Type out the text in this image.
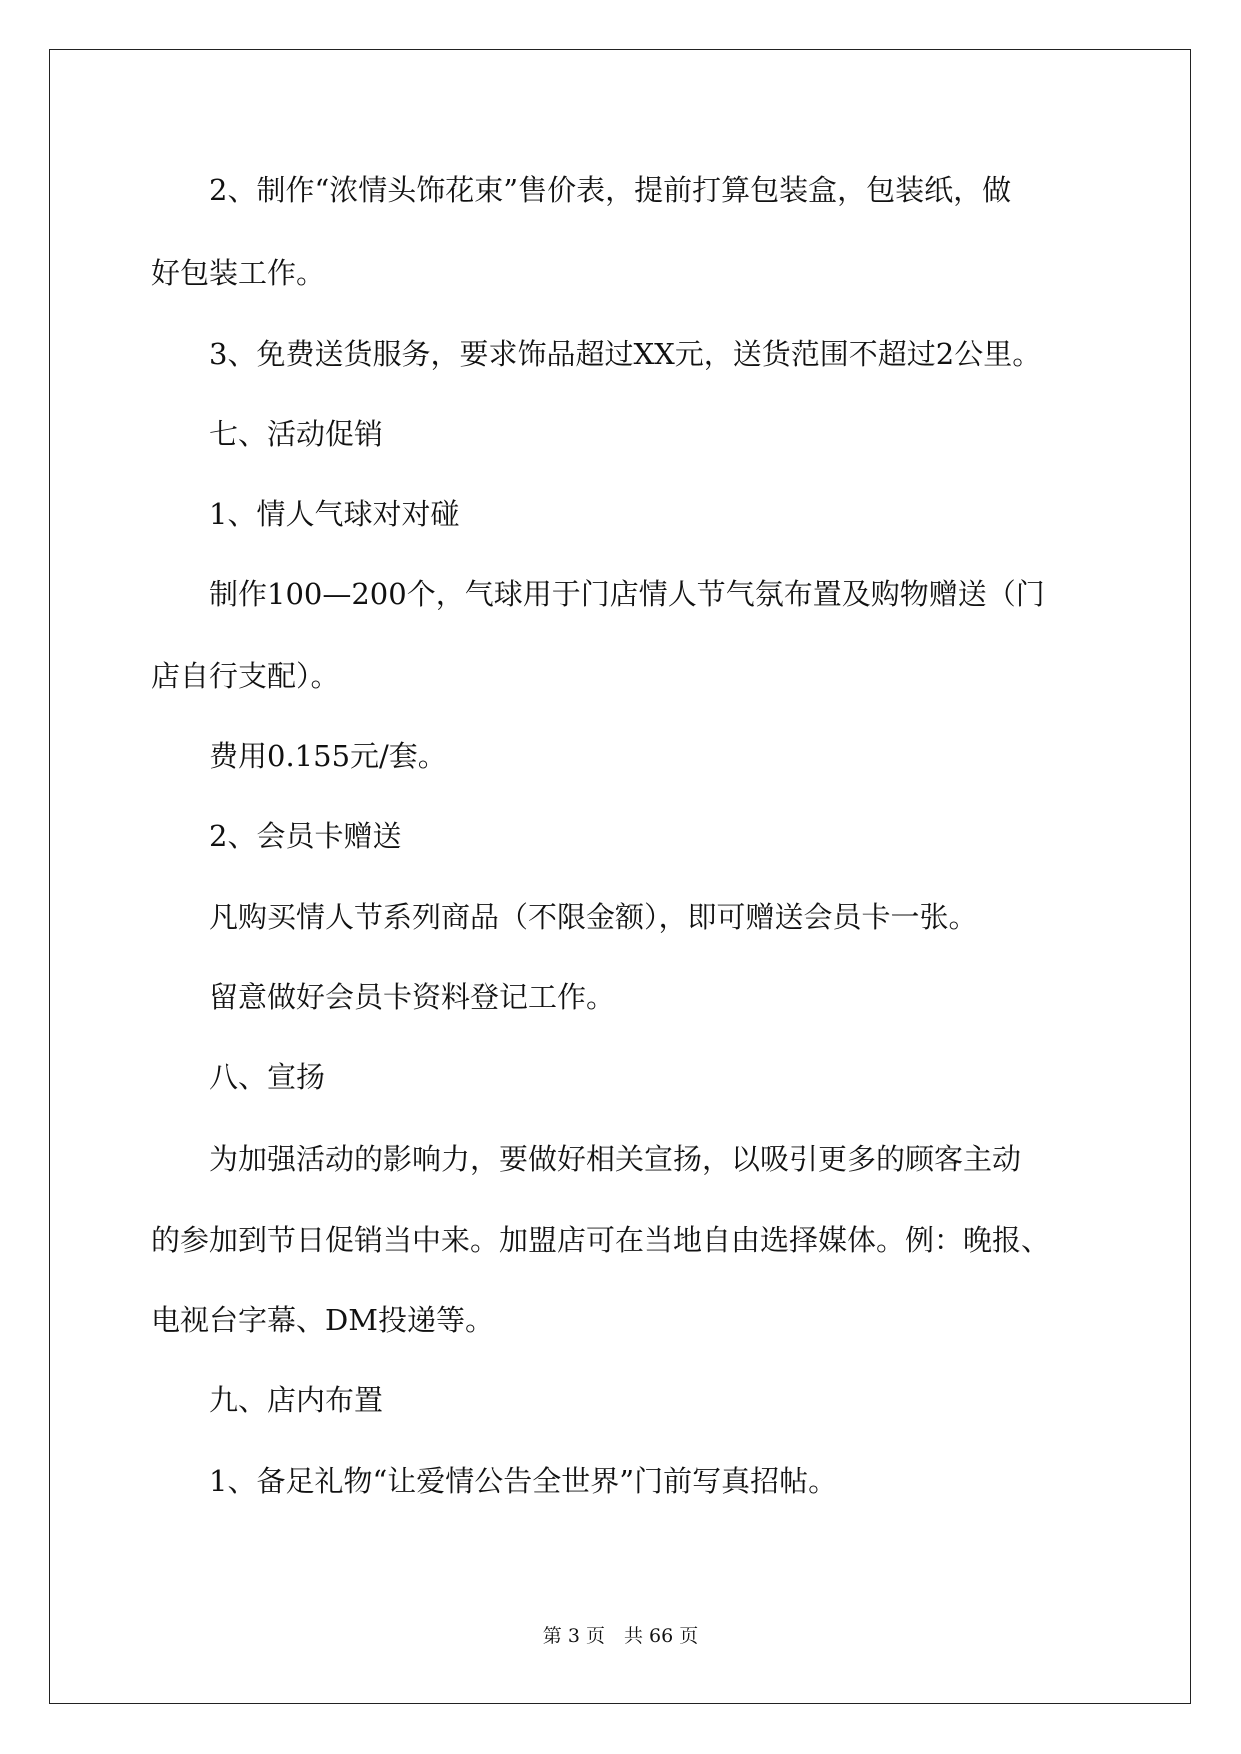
　　2、制作“浓情头饰花束”售价表，提前打算包装盒，包装纸，做

好包装工作。

　　3、免费送货服务，要求饰品超过XX元，送货范围不超过2公里。

　　七、活动促销

　　1、情人气球对对碰

　　制作100—200个，气球用于门店情人节气氛布置及购物赠送（门

店自行支配）。

　　费用0.155元/套。

　　2、会员卡赠送

　　凡购买情人节系列商品（不限金额），即可赠送会员卡一张。

　　留意做好会员卡资料登记工作。

　　八、宣扬

　　为加强活动的影响力，要做好相关宣扬，以吸引更多的顾客主动

的参加到节日促销当中来。加盟店可在当地自由选择媒体。例：晚报、

电视台字幕、DM投递等。

　　九、店内布置

　　1、备足礼物“让爱情公告全世界”门前写真招帖。

第 3 页　共 66 页
